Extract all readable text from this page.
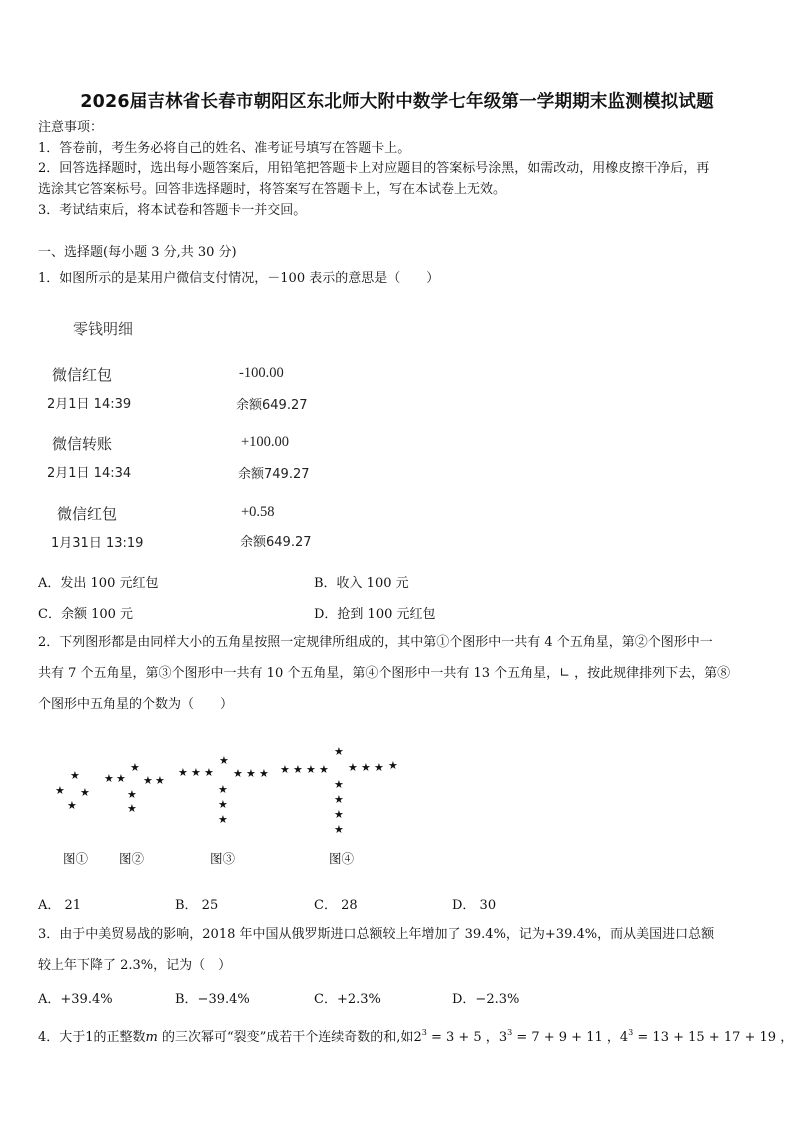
2026届吉林省长春市朝阳区东北师大附中数学七年级第一学期期末监测模拟试题
注意事项：
1．答卷前，考生务必将自己的姓名、准考证号填写在答题卡上。
2．回答选择题时，选出每小题答案后，用铅笔把答题卡上对应题目的答案标号涂黑，如需改动，用橡皮擦干净后，再
选涂其它答案标号。回答非选择题时，将答案写在答题卡上，写在本试卷上无效。
3．考试结束后，将本试卷和答题卡一并交回。
一、选择题(每小题 3 分,共 30 分)
1．如图所示的是某用户微信支付情况，－100 表示的意思是（　　）
零钱明细
微信红包	-100.00
2月1日 14:39	余额649.27
微信转账	+100.00
2月1日 14:34	余额749.27
微信红包	+0.58
1月31日 13:19	余额649.27
A．发出 100 元红包	B．收入 100 元
C．余额 100 元	D．抢到 100 元红包
2．下列图形都是由同样大小的五角星按照一定规律所组成的，其中第①个图形中一共有 4 个五角星，第②个图形中一
共有 7 个五角星，第③个图形中一共有 10 个五角星，第④个图形中一共有 13 个五角星，∟ ，按此规律排列下去，第⑧
个图形中五角星的个数为（　　）
★
★ ★
★
★ ★
★
★ ★
★
★
★ ★ ★
★
★ ★ ★
★
★
★
★ ★ ★ ★
★
★ ★ ★ ★
★
★
★
★
图① 图②	图③	图④
A． 21	B． 25	C． 28	D． 30
3．由于中美贸易战的影响，2018 年中国从俄罗斯进口总额较上年增加了 39.4%，记为+39.4%，而从美国进口总额
较上年下降了 2.3%，记为（　）
A．+39.4%	B．−39.4%	C．+2.3%	D．−2.3%
4．大于1的正整数m 的三次幂可“裂变”成若干个连续奇数的和,如$2^3 = 3 + 5$ ，$3^3 = 7 + 9 + 11$ ，$4^3 = 13 + 15 + 17 + 19$ ，
